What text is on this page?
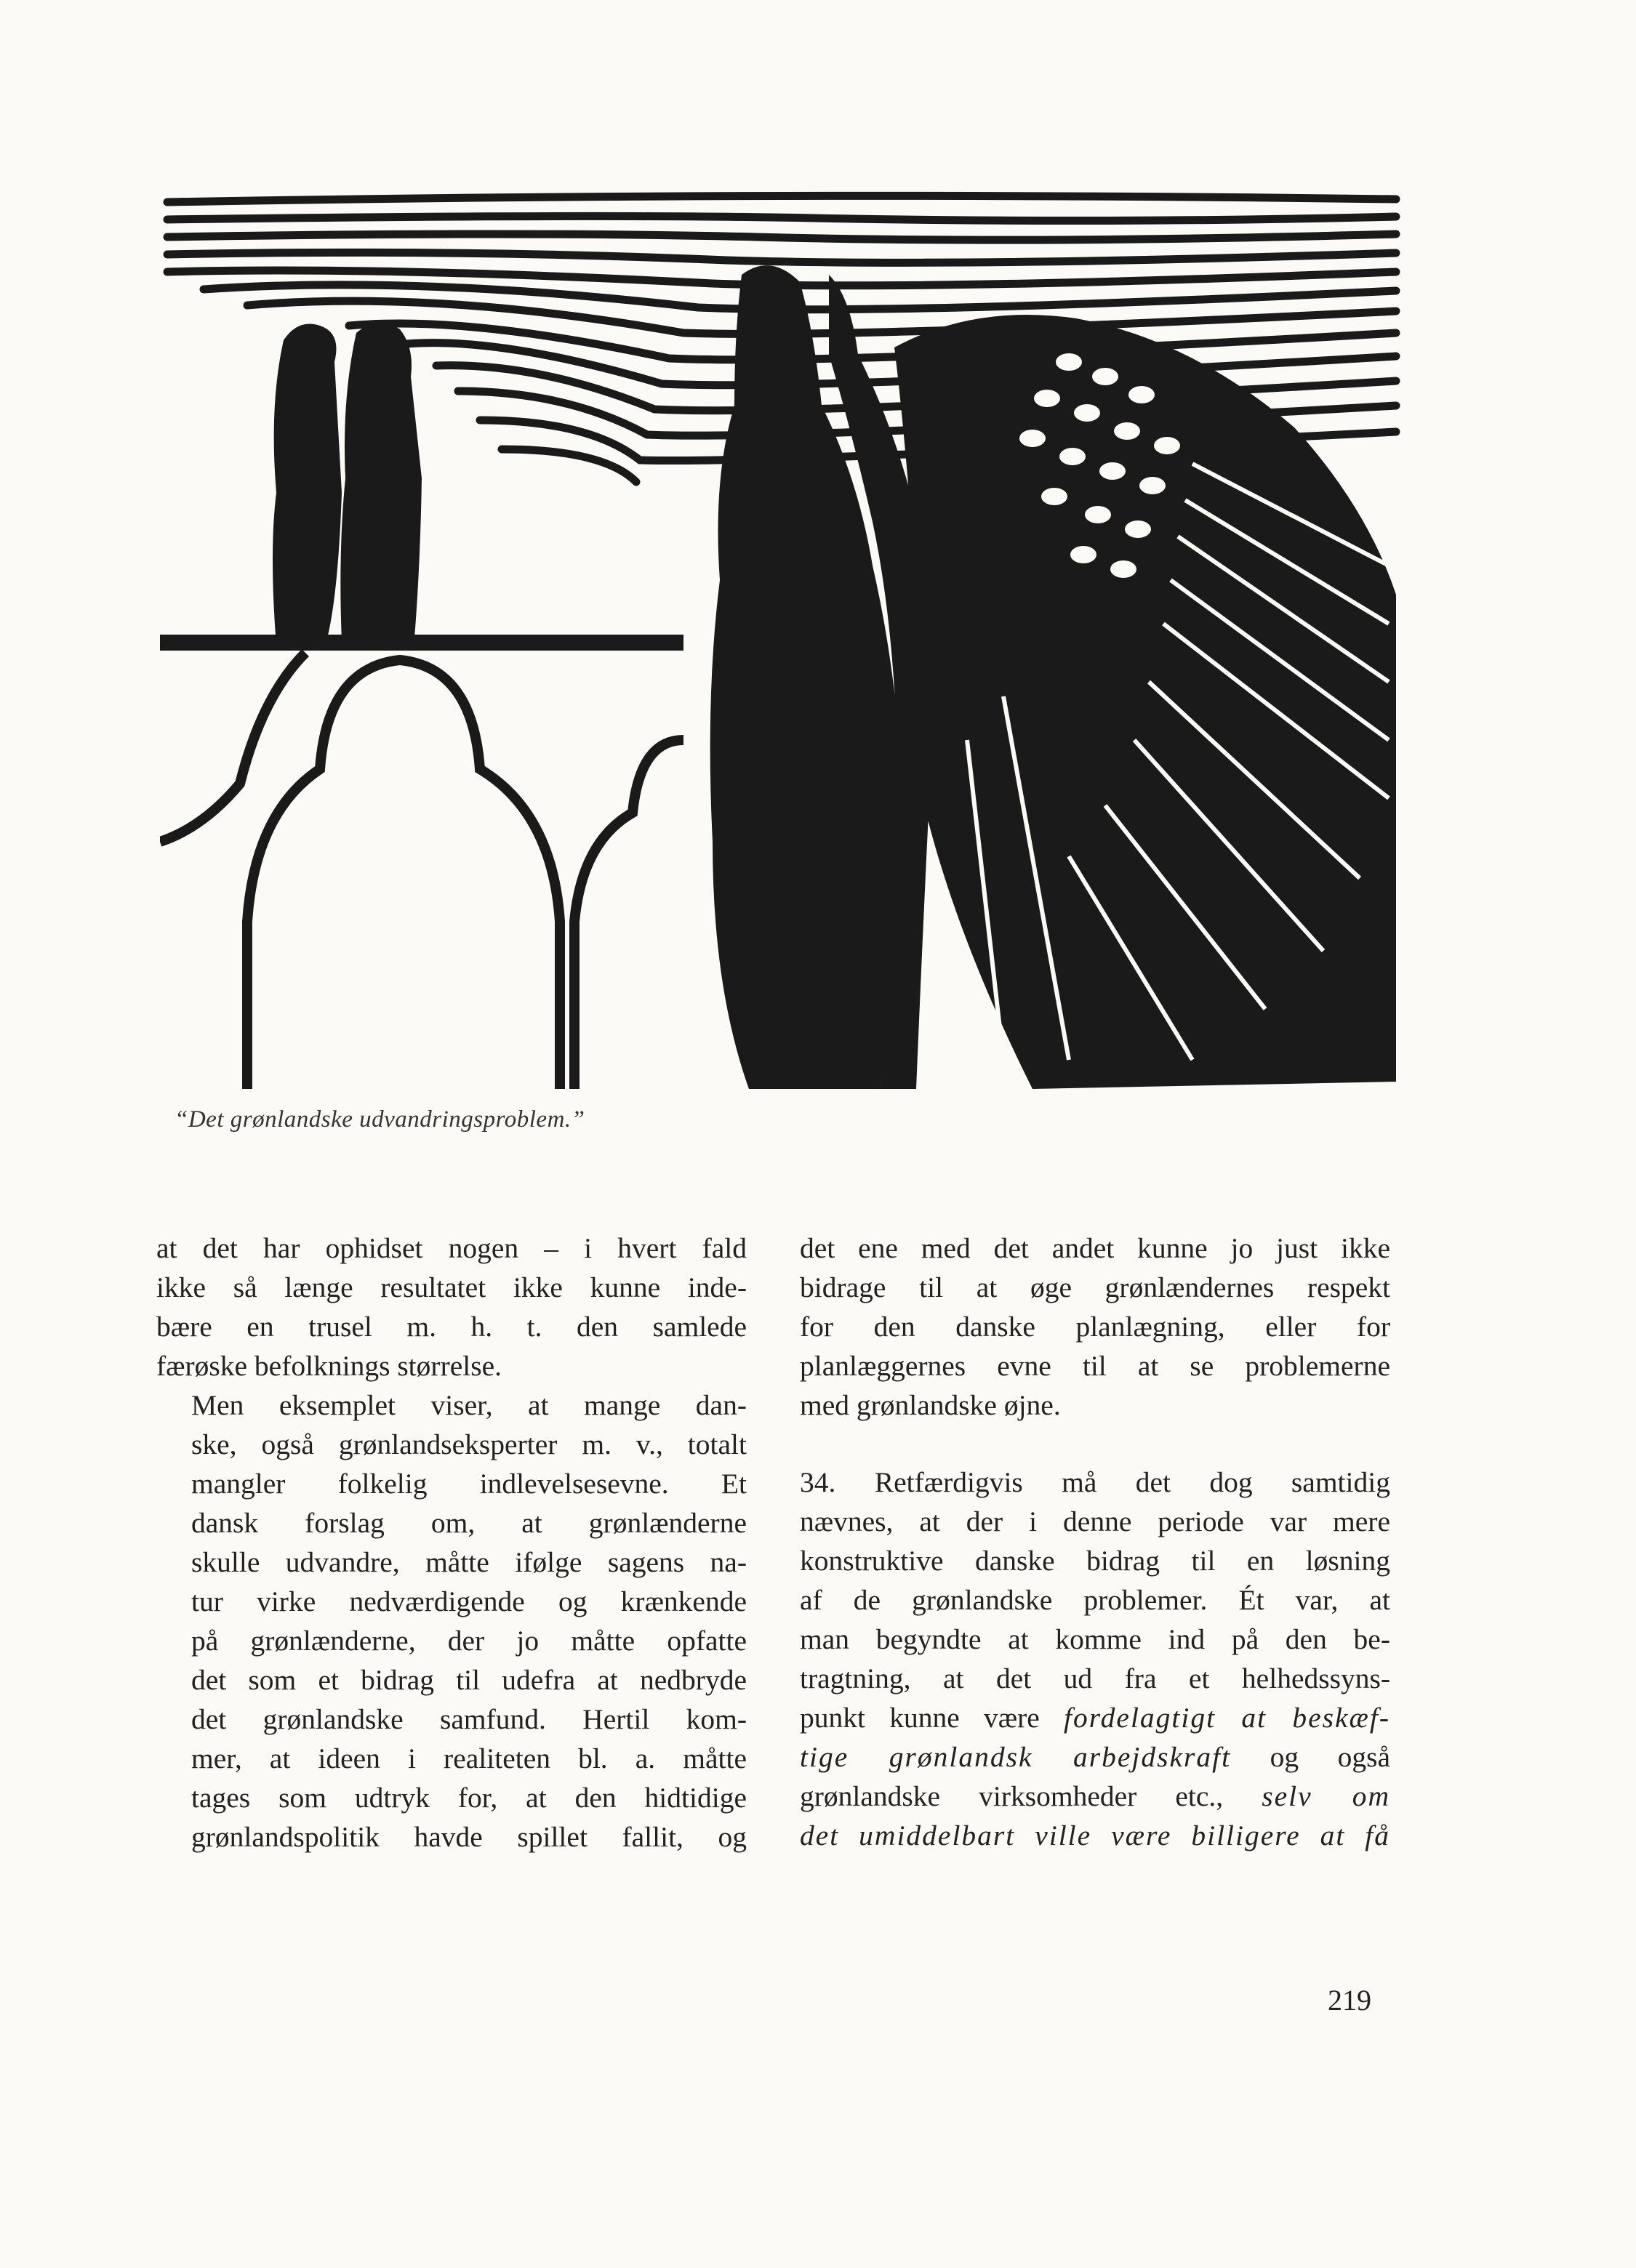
“Det grønlandske udvandringsproblem.”

at det har ophidset nogen – i hvert fald
ikke så længe resultatet ikke kunne inde-
bære en trusel m. h. t. den samlede
færøske befolknings størrelse.

Men eksemplet viser, at mange dan-
ske, også grønlandseksperter m. v., totalt
mangler folkelig indlevelsesevne. Et
dansk forslag om, at grønlænderne
skulle udvandre, måtte ifølge sagens na-
tur virke nedværdigende og krænkende
på grønlænderne, der jo måtte opfatte
det som et bidrag til udefra at nedbryde
det grønlandske samfund. Hertil kom-
mer, at ideen i realiteten bl. a. måtte
tages som udtryk for, at den hidtidige
grønlandspolitik havde spillet fallit, og

det ene med det andet kunne jo just ikke
bidrage til at øge grønlændernes respekt
for den danske planlægning, eller for
planlæggernes evne til at se problemerne
med grønlandske øjne.

34. Retfærdigvis må det dog samtidig
nævnes, at der i denne periode var mere
konstruktive danske bidrag til en løsning
af de grønlandske problemer. Ét var, at
man begyndte at komme ind på den be-
tragtning, at det ud fra et helhedssyns-
punkt kunne være fordelagtigt at beskæf-
tige grønlandsk arbejdskraft og også
grønlandske virksomheder etc., selv om
det umiddelbart ville være billigere at få

219
